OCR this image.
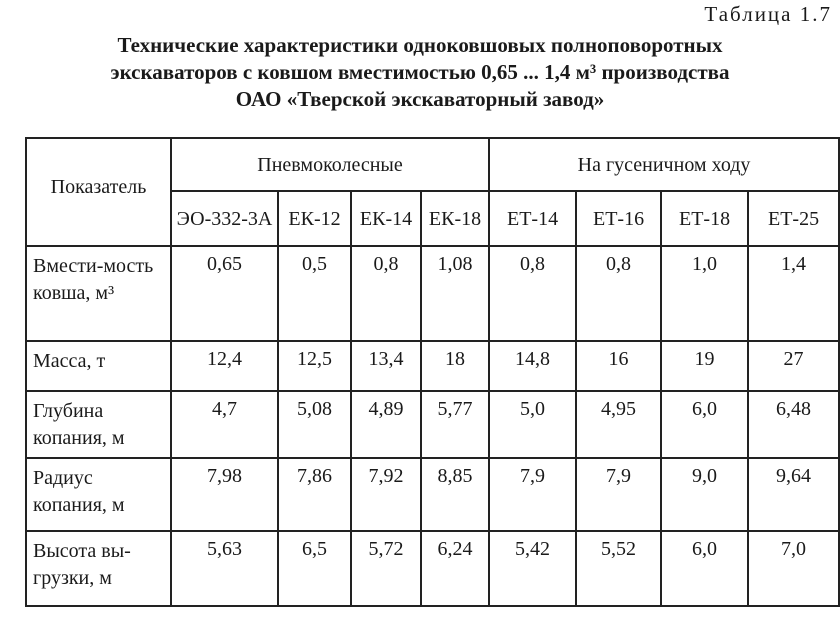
Таблица 1.7
Технические характеристики одноковшовых полноповоротных
экскаваторов с ковшом вместимостью 0,65 ... 1,4 м³ производства
ОАО «Тверской экскаваторный завод»
Показатель	Пневмоколесные				На гусеничном ходу			
	ЭО-332-3А	ЕК-12	ЕК-14	ЕК-18	ЕТ-14	ЕТ-16	ЕТ-18	ЕТ-25
Вмести-мость ковша, м³	0,65	0,5	0,8	1,08	0,8	0,8	1,0	1,4
Масса, т	12,4	12,5	13,4	18	14,8	16	19	27
Глубина копания, м	4,7	5,08	4,89	5,77	5,0	4,95	6,0	6,48
Радиус копания, м	7,98	7,86	7,92	8,85	7,9	7,9	9,0	9,64
Высота вы-грузки, м	5,63	6,5	5,72	6,24	5,42	5,52	6,0	7,0
